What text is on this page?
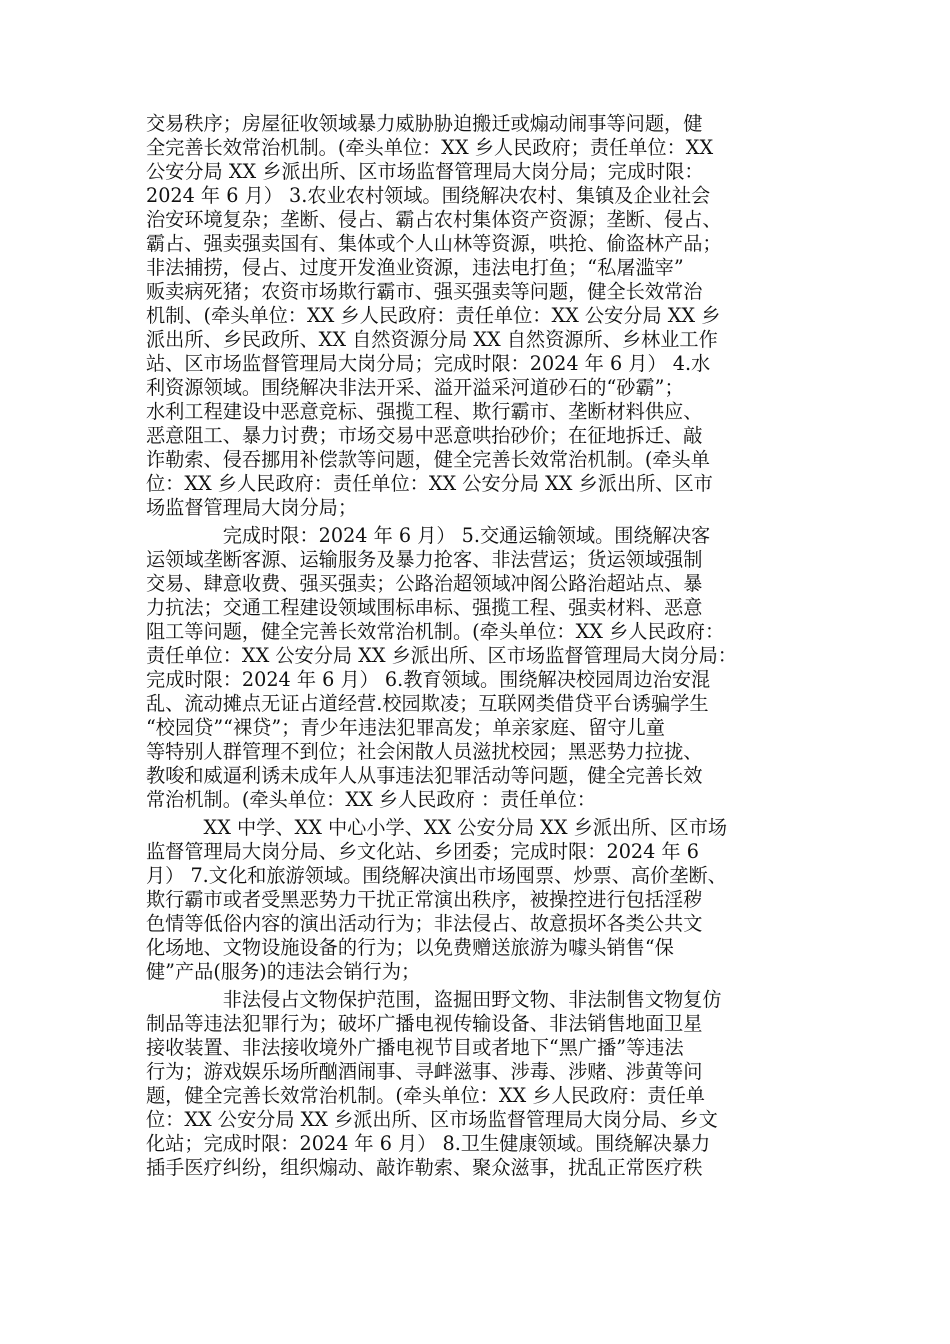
交易秩序；房屋征收领域暴力威胁胁迫搬迁或煽动闹事等问题，健
全完善长效常治机制。(牵头单位：XX 乡人民政府；责任单位：XX
公安分局 XX 乡派出所、区市场监督管理局大岗分局；完成时限：
2024 年 6 月） 3.农业农村领域。围绕解决农村、集镇及企业社会
治安环境复杂；垄断、侵占、霸占农村集体资产资源；垄断、侵占、
霸占、强卖强卖国有、集体或个人山林等资源，哄抢、偷盗林产品；
非法捕捞，侵占、过度开发渔业资源，违法电打鱼；“私屠滥宰”
贩卖病死猪；农资市场欺行霸市、强买强卖等问题，健全长效常治
机制、(牵头单位：XX 乡人民政府：责任单位：XX 公安分局 XX 乡
派出所、乡民政所、XX 自然资源分局 XX 自然资源所、乡林业工作
站、区市场监督管理局大岗分局；完成时限：2024 年 6 月） 4.水
利资源领域。围绕解决非法开采、溢开溢采河道砂石的“砂霸”；
水利工程建设中恶意竞标、强揽工程、欺行霸市、垄断材料供应、
恶意阻工、暴力讨费；市场交易中恶意哄抬砂价；在征地拆迁、敲
诈勒索、侵吞挪用补偿款等问题，健全完善长效常治机制。(牵头单
位：XX 乡人民政府：责任单位：XX 公安分局 XX 乡派出所、区市
场监督管理局大岗分局；
　　　　完成时限：2024 年 6 月） 5.交通运输领域。围绕解决客
运领域垄断客源、运输服务及暴力抢客、非法营运；货运领域强制
交易、肆意收费、强买强卖；公路治超领域冲阁公路治超站点、暴
力抗法；交通工程建设领域围标串标、强揽工程、强卖材料、恶意
阻工等问题，健全完善长效常治机制。(牵头单位：XX 乡人民政府：
责任单位：XX 公安分局 XX 乡派出所、区市场监督管理局大岗分局：
完成时限：2024 年 6 月） 6.教育领域。围绕解决校园周边治安混
乱、流动摊点无证占道经营.校园欺凌；互联网类借贷平台诱骗学生
“校园贷”“裸贷”；青少年违法犯罪高发；单亲家庭、留守儿童
等特别人群管理不到位；社会闲散人员滋扰校园；黑恶势力拉拢、
教唆和威逼利诱未成年人从事违法犯罪活动等问题，健全完善长效
常治机制。(牵头单位：XX 乡人民政府 ：责任单位：
　　　XX 中学、XX 中心小学、XX 公安分局 XX 乡派出所、区市场
监督管理局大岗分局、乡文化站、乡团委；完成时限：2024 年 6
月） 7.文化和旅游领域。围绕解决演出市场囤票、炒票、高价垄断、
欺行霸市或者受黑恶势力干扰正常演出秩序，被操控进行包括淫秽
色情等低俗内容的演出活动行为；非法侵占、故意损坏各类公共文
化场地、文物设施设备的行为；以免费赠送旅游为噱头销售“保
健”产品(服务)的违法会销行为；
　　　　非法侵占文物保护范围，盗掘田野文物、非法制售文物复仿
制品等违法犯罪行为；破坏广播电视传输设备、非法销售地面卫星
接收装置、非法接收境外广播电视节目或者地下“黑广播”等违法
行为；游戏娱乐场所酗酒闹事、寻衅滋事、涉毒、涉赌、涉黄等问
题，健全完善长效常治机制。(牵头单位：XX 乡人民政府：责任单
位：XX 公安分局 XX 乡派出所、区市场监督管理局大岗分局、乡文
化站；完成时限：2024 年 6 月） 8.卫生健康领域。围绕解决暴力
插手医疗纠纷，组织煽动、敲诈勒索、聚众滋事，扰乱正常医疗秩
